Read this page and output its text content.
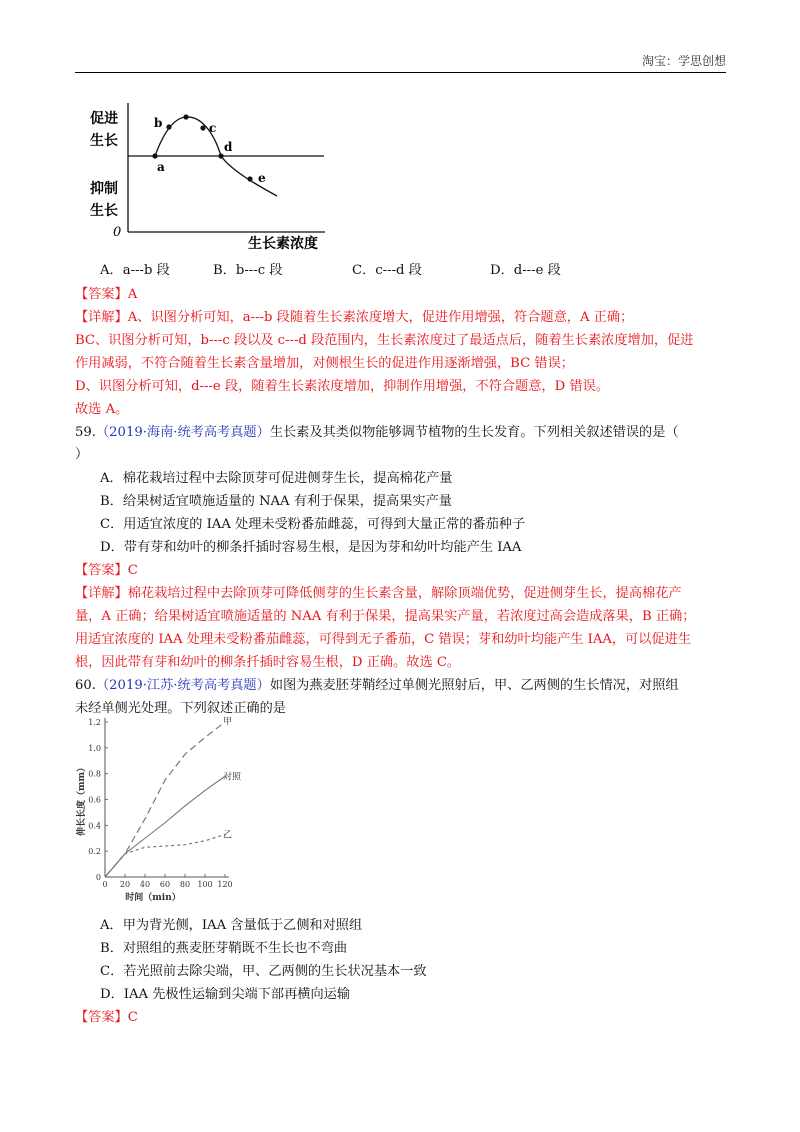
淘宝：学思创想
促进
生长
抑制
生长
0
生长素浓度
a
b	c
d
e
A．a---b 段	B．b---c 段	C．c---d 段	D．d---e 段
【答案】A
【详解】A、识图分析可知，a---b 段随着生长素浓度增大，促进作用增强，符合题意，A 正确；
BC、识图分析可知，b---c 段以及 c---d 段范围内，生长素浓度过了最适点后，随着生长素浓度增加，促进
作用减弱，不符合随着生长素含量增加，对侧根生长的促进作用逐渐增强，BC 错误；
D、识图分析可知，d---e 段，随着生长素浓度增加，抑制作用增强，不符合题意，D 错误。
故选 A。
59.（2019·海南·统考高考真题）生长素及其类似物能够调节植物的生长发育。下列相关叙述错误的是（
）
A．棉花栽培过程中去除顶芽可促进侧芽生长，提高棉花产量
B．给果树适宜喷施适量的 NAA 有利于保果，提高果实产量
C．用适宜浓度的 IAA 处理未受粉番茄雌蕊，可得到大量正常的番茄种子
D．带有芽和幼叶的柳条扦插时容易生根，是因为芽和幼叶均能产生 IAA
【答案】C
【详解】棉花栽培过程中去除顶芽可降低侧芽的生长素含量，解除顶端优势，促进侧芽生长，提高棉花产
量，A 正确；给果树适宜喷施适量的 NAA 有利于保果，提高果实产量，若浓度过高会造成落果，B 正确；
用适宜浓度的 IAA 处理未受粉番茄雌蕊，可得到无子番茄，C 错误；芽和幼叶均能产生 IAA，可以促进生
根，因此带有芽和幼叶的柳条扦插时容易生根，D 正确。故选 C。
60.（2019·江苏·统考高考真题）如图为燕麦胚芽鞘经过单侧光照射后，甲、乙两侧的生长情况，对照组
未经单侧光处理。下列叙述正确的是
0
0.2
0.4
0.6
0.8
1.0
1.2
0 20 40 60 80 100 120
时间（min）
伸长长度（mm）
甲
对照
乙
A．甲为背光侧，IAA 含量低于乙侧和对照组
B．对照组的燕麦胚芽鞘既不生长也不弯曲
C．若光照前去除尖端，甲、乙两侧的生长状况基本一致
D．IAA 先极性运输到尖端下部再横向运输
【答案】C
